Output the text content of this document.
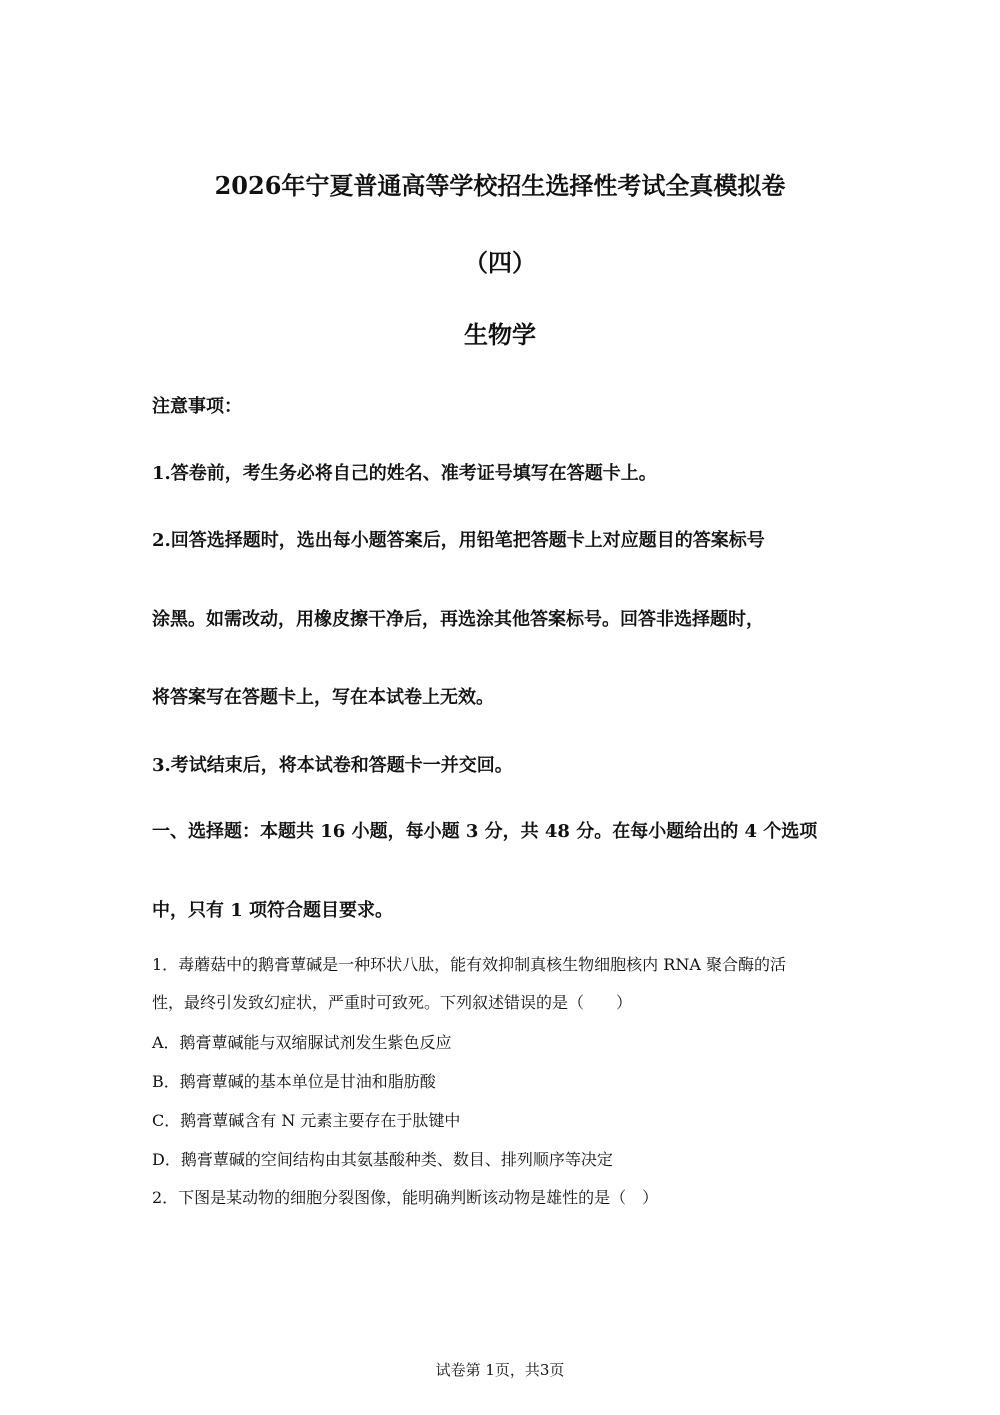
2026年宁夏普通高等学校招生选择性考试全真模拟卷
（四）
生物学
注意事项：
1.答卷前，考生务必将自己的姓名、准考证号填写在答题卡上。
2.回答选择题时，选出每小题答案后，用铅笔把答题卡上对应题目的答案标号
涂黑。如需改动，用橡皮擦干净后，再选涂其他答案标号。回答非选择题时，
将答案写在答题卡上，写在本试卷上无效。
3.考试结束后，将本试卷和答题卡一并交回。
一、选择题：本题共 16 小题，每小题 3 分，共 48 分。在每小题给出的 4 个选项
中，只有 1 项符合题目要求。
1．毒蘑菇中的鹅膏蕈碱是一种环状八肽，能有效抑制真核生物细胞核内 RNA 聚合酶的活
性，最终引发致幻症状，严重时可致死。下列叙述错误的是（　　）
A．鹅膏蕈碱能与双缩脲试剂发生紫色反应
B．鹅膏蕈碱的基本单位是甘油和脂肪酸
C．鹅膏蕈碱含有 N 元素主要存在于肽键中
D．鹅膏蕈碱的空间结构由其氨基酸种类、数目、排列顺序等决定
2．下图是某动物的细胞分裂图像，能明确判断该动物是雄性的是（　）
试卷第 1页，共3页
